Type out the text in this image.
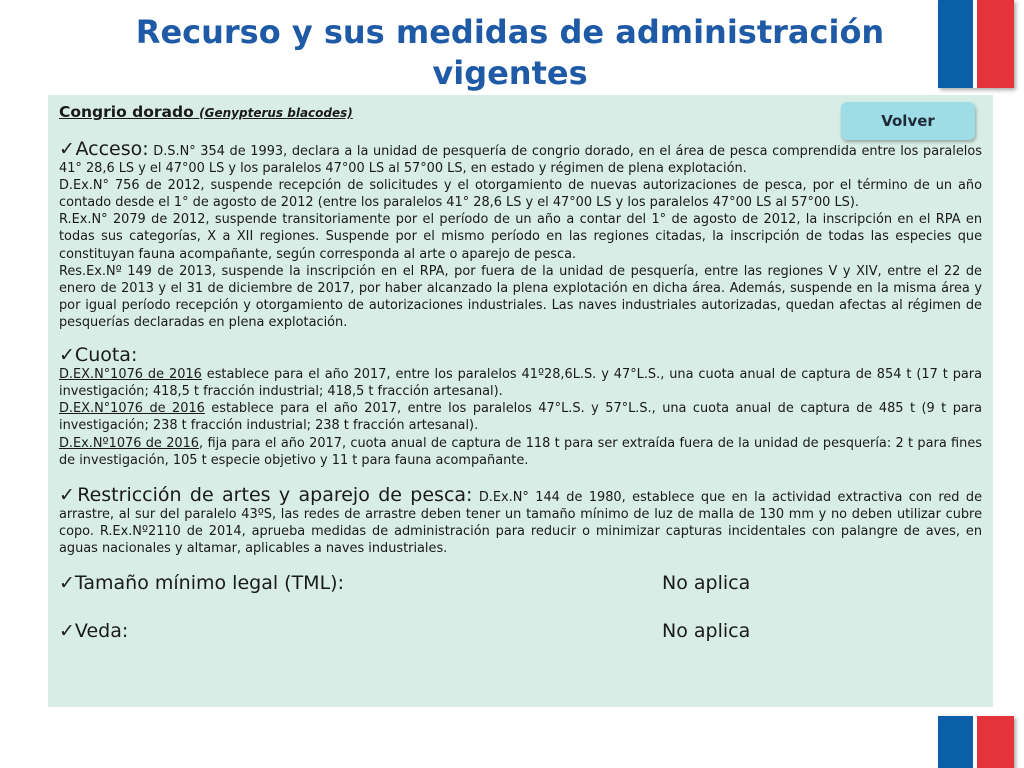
Recurso y sus medidas de administración vigentes
Congrio dorado (Genypterus blacodes)	Volver

✓Acceso: D.S.N° 354 de 1993, declara a la unidad de pesquería de congrio dorado, en el área de pesca comprendida entre los paralelos 41° 28,6 LS y el 47°00 LS y los paralelos 47°00 LS al 57°00 LS, en estado y régimen de plena explotación.

D.Ex.N° 756 de 2012, suspende recepción de solicitudes y el otorgamiento de nuevas autorizaciones de pesca, por el término de un año contado desde el 1° de agosto de 2012 (entre los paralelos 41° 28,6 LS y el 47°00 LS y los paralelos 47°00 LS al 57°00 LS).

R.Ex.N° 2079 de 2012, suspende transitoriamente por el período de un año a contar del 1° de agosto de 2012, la inscripción en el RPA en todas sus categorías, X a XII regiones. Suspende por el mismo período en las regiones citadas, la inscripción de todas las especies que constituyan fauna acompañante, según corresponda al arte o aparejo de pesca.

Res.Ex.Nº 149 de 2013, suspende la inscripción en el RPA, por fuera de la unidad de pesquería, entre las regiones V y XIV, entre el 22 de enero de 2013 y el 31 de diciembre de 2017, por haber alcanzado la plena explotación en dicha área. Además, suspende en la misma área y por igual período recepción y otorgamiento de autorizaciones industriales. Las naves industriales autorizadas, quedan afectas al régimen de pesquerías declaradas en plena explotación.

✓Cuota:

D.EX.N°1076 de 2016 establece para el año 2017, entre los paralelos 41º28,6L.S. y 47°L.S., una cuota anual de captura de 854 t (17 t para investigación; 418,5 t fracción industrial; 418,5 t fracción artesanal).

D.EX.N°1076 de 2016 establece para el año 2017, entre los paralelos 47°L.S. y 57°L.S., una cuota anual de captura de 485 t (9 t para investigación; 238 t fracción industrial; 238 t fracción artesanal).

D.Ex.Nº1076 de 2016, fija para el año 2017, cuota anual de captura de 118 t para ser extraída fuera de la unidad de pesquería: 2 t para fines de investigación, 105 t especie objetivo y 11 t para fauna acompañante.

✓Restricción de artes y aparejo de pesca: D.Ex.N° 144 de 1980, establece que en la actividad extractiva con red de arrastre, al sur del paralelo 43ºS, las redes de arrastre deben tener un tamaño mínimo de luz de malla de 130 mm y no deben utilizar cubre copo. R.Ex.Nº2110 de 2014, aprueba medidas de administración para reducir o minimizar capturas incidentales con palangre de aves, en aguas nacionales y altamar, aplicables a naves industriales.

✓Tamaño mínimo legal (TML):	No aplica
✓Veda:	No aplica
